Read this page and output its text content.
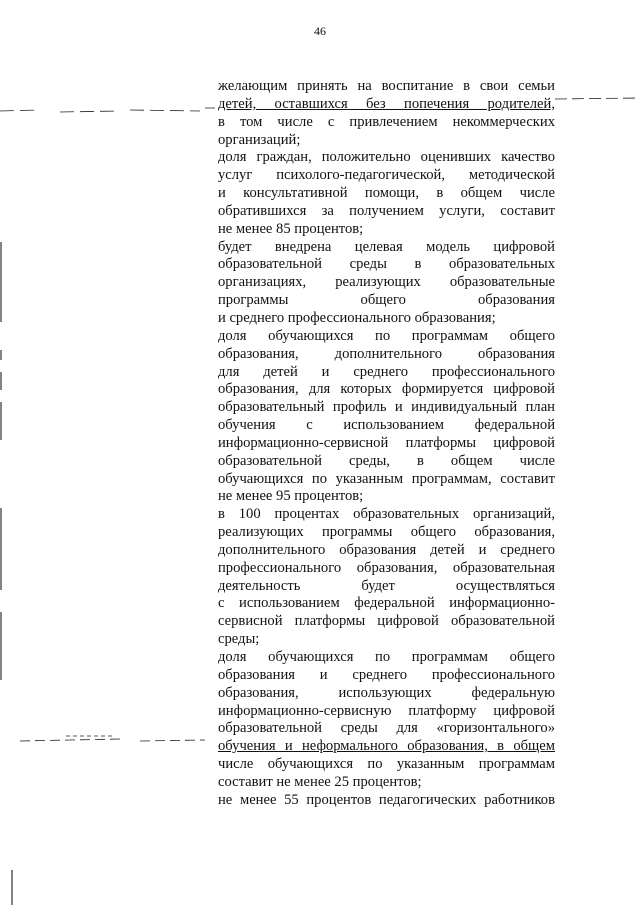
46
желающим принять на воспитание в свои семьи
детей, оставшихся без попечения родителей,
в том числе с привлечением некоммерческих
организаций;
доля граждан, положительно оценивших качество
услуг психолого-педагогической, методической
и консультативной помощи, в общем числе
обратившихся за получением услуги, составит
не менее 85 процентов;
будет внедрена целевая модель цифровой
образовательной среды в образовательных
организациях, реализующих образовательные
программы общего образования
и среднего профессионального образования;
доля обучающихся по программам общего
образования, дополнительного образования
для детей и среднего профессионального
образования, для которых формируется цифровой
образовательный профиль и индивидуальный план
обучения с использованием федеральной
информационно-сервисной платформы цифровой
образовательной среды, в общем числе
обучающихся по указанным программам, составит
не менее 95 процентов;
в 100 процентах образовательных организаций,
реализующих программы общего образования,
дополнительного образования детей и среднего
профессионального образования, образовательная
деятельность будет осуществляться
с использованием федеральной информационно-
сервисной платформы цифровой образовательной
среды;
доля обучающихся по программам общего
образования и среднего профессионального
образования, использующих федеральную
информационно-сервисную платформу цифровой
образовательной среды для «горизонтального»
обучения и неформального образования, в общем
числе обучающихся по указанным программам
составит не менее 25 процентов;
не менее 55 процентов педагогических работников
